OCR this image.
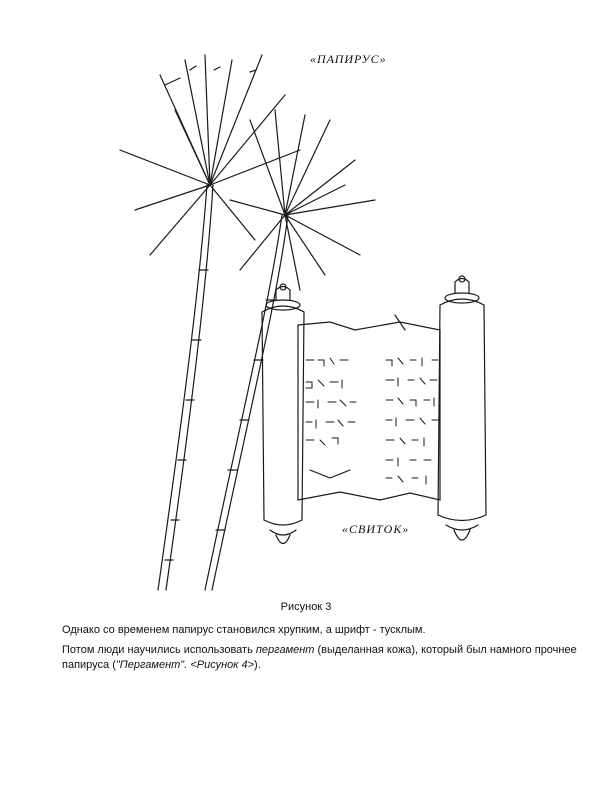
«ПАПИРУС»
«СВИТОК»
Рисунок 3

Однако со временем папирус становился хрупким, а шрифт - тусклым.

Потом люди научились использовать пергамент (выделанная кожа), который был намного прочнее папируса ("Пергамент". <Рисунок 4>).
